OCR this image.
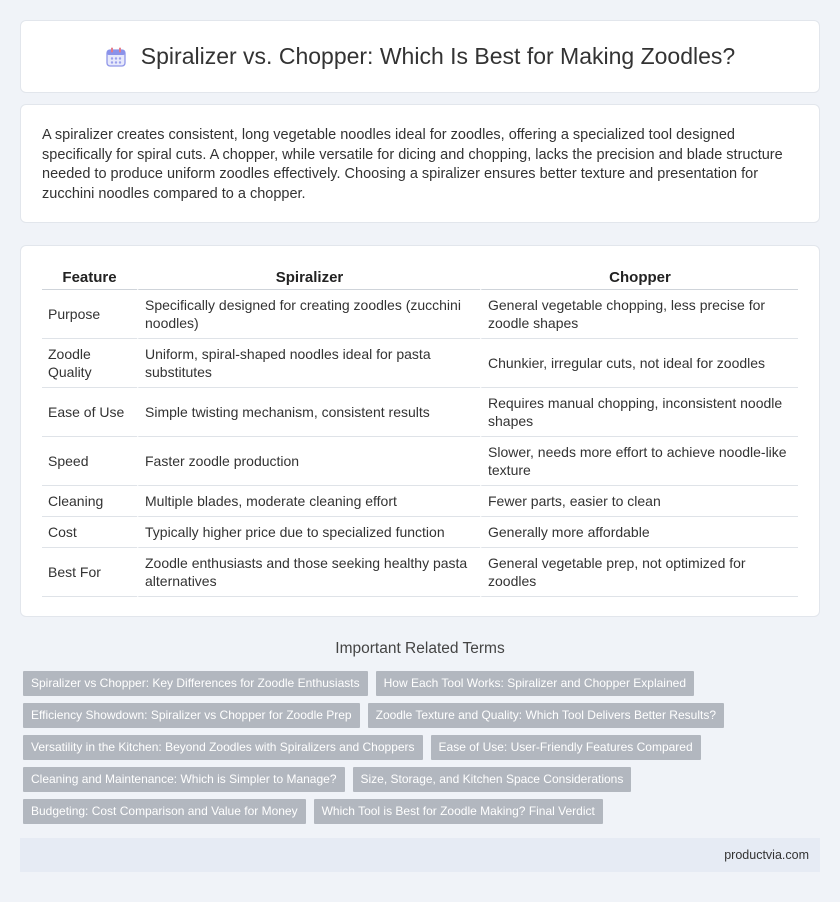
Spiralizer vs. Chopper: Which Is Best for Making Zoodles?

A spiralizer creates consistent, long vegetable noodles ideal for zoodles, offering a specialized tool designed specifically for spiral cuts. A chopper, while versatile for dicing and chopping, lacks the precision and blade structure needed to produce uniform zoodles effectively. Choosing a spiralizer ensures better texture and presentation for zucchini noodles compared to a chopper.

Feature	Spiralizer	Chopper
Purpose	Specifically designed for creating zoodles (zucchini noodles)	General vegetable chopping, less precise for zoodle shapes
Zoodle Quality	Uniform, spiral-shaped noodles ideal for pasta substitutes	Chunkier, irregular cuts, not ideal for zoodles
Ease of Use	Simple twisting mechanism, consistent results	Requires manual chopping, inconsistent noodle shapes
Speed	Faster zoodle production	Slower, needs more effort to achieve noodle-like texture
Cleaning	Multiple blades, moderate cleaning effort	Fewer parts, easier to clean
Cost	Typically higher price due to specialized function	Generally more affordable
Best For	Zoodle enthusiasts and those seeking healthy pasta alternatives	General vegetable prep, not optimized for zoodles
Important Related Terms
Spiralizer vs Chopper: Key Differences for Zoodle Enthusiasts	How Each Tool Works: Spiralizer and Chopper Explained
Efficiency Showdown: Spiralizer vs Chopper for Zoodle Prep	Zoodle Texture and Quality: Which Tool Delivers Better Results?
Versatility in the Kitchen: Beyond Zoodles with Spiralizers and Choppers	Ease of Use: User-Friendly Features Compared
Cleaning and Maintenance: Which is Simpler to Manage?	Size, Storage, and Kitchen Space Considerations
Budgeting: Cost Comparison and Value for Money	Which Tool is Best for Zoodle Making? Final Verdict
productvia.com
